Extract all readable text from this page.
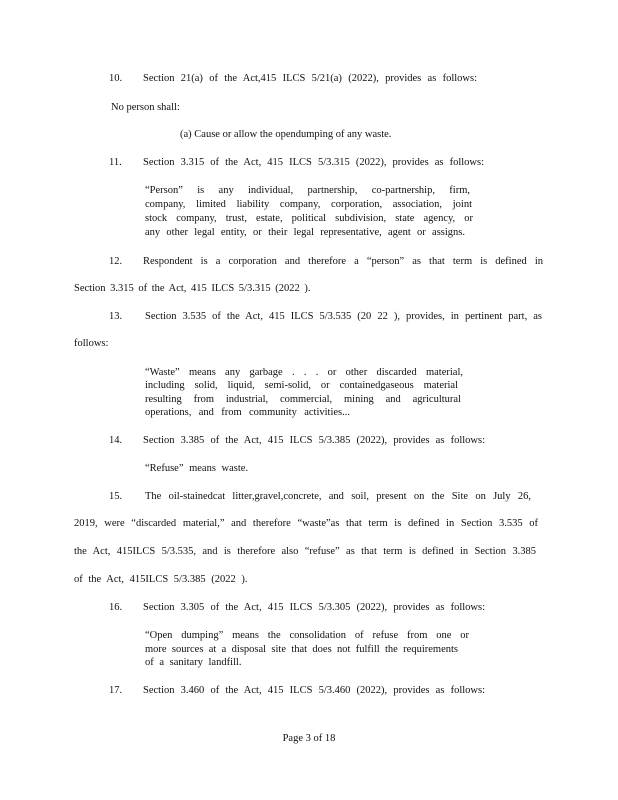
10. Section 21(a) of the Act,415 ILCS 5/21(a) (2022), provides as follows:
No person shall:
(a) Cause or allow the opendumping of any waste.
11. Section 3.315 of the Act, 415 ILCS 5/3.315 (2022), provides as follows:
“Person” is any individual, partnership, co-partnership, firm,
company, limited liability company, corporation, association, joint
stock company, trust, estate, political subdivision, state agency, or
any other legal entity, or their legal representative, agent or assigns.
12. Respondent is a corporation and therefore a “person” as that term is defined in
Section 3.315 of the Act, 415 ILCS 5/3.315 (2022 ).
13. Section 3.535 of the Act, 415 ILCS 5/3.535 (20 22 ), provides, in pertinent part, as
follows:
“Waste” means any garbage . . . or other discarded material,
including solid, liquid, semi-solid, or containedgaseous material
resulting from industrial, commercial, mining and agricultural
operations, and from community activities...
14. Section 3.385 of the Act, 415 ILCS 5/3.385 (2022), provides as follows:
“Refuse” means waste.
15. The oil-stainedcat litter,gravel,concrete, and soil, present on the Site on July 26,
2019, were “discarded material,” and therefore “waste”as that term is defined in Section 3.535 of
the Act, 415ILCS 5/3.535, and is therefore also “refuse” as that term is defined in Section 3.385
of the Act, 415ILCS 5/3.385 (2022 ).
16. Section 3.305 of the Act, 415 ILCS 5/3.305 (2022), provides as follows:
“Open dumping” means the consolidation of refuse from one or
more sources at a disposal site that does not fulfill the requirements
of a sanitary landfill.
17. Section 3.460 of the Act, 415 ILCS 5/3.460 (2022), provides as follows:
Page 3 of 18
